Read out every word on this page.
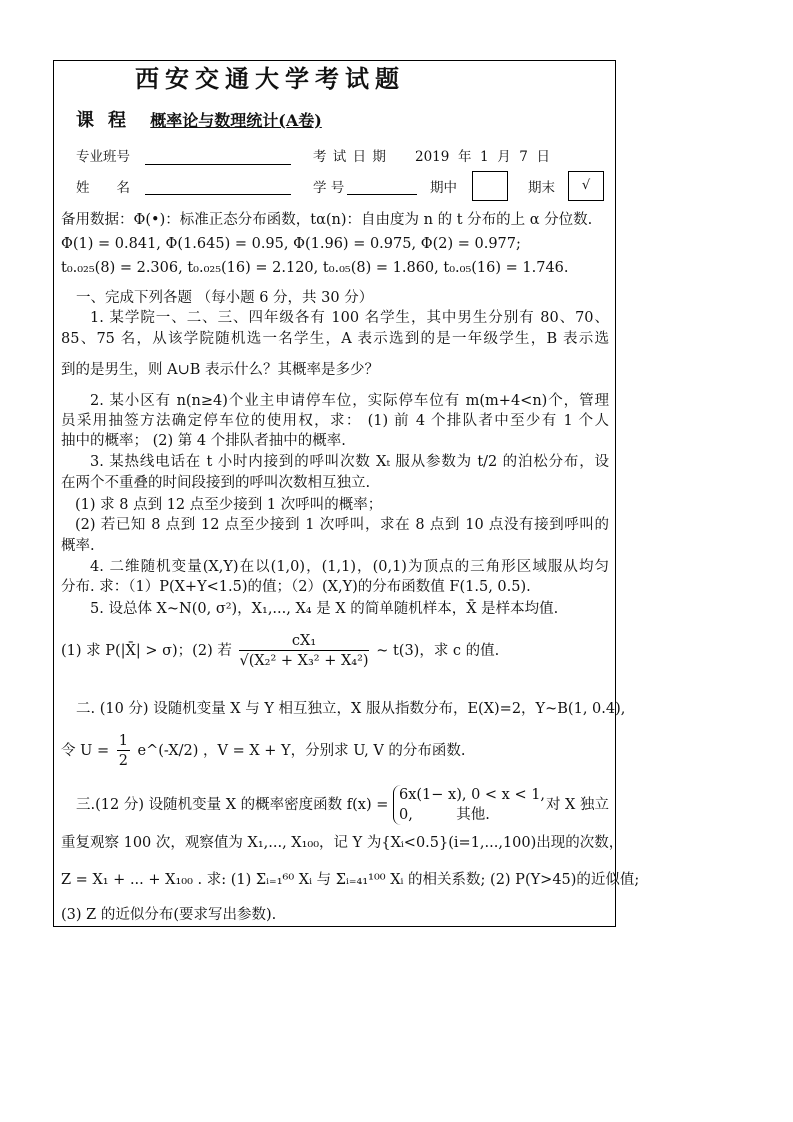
西安交通大学考试题
课程 概率论与数理统计(A卷)
专业班号	考 试 日 期 2019  年  1  月  7  日
姓　　名	学 号	期中	期末	√
备用数据：Φ(•)：标准正态分布函数，tα(n)：自由度为 n 的 t 分布的上 α 分位数.
Φ(1) = 0.841, Φ(1.645) = 0.95, Φ(1.96) = 0.975, Φ(2) = 0.977;
t₀.₀₂₅(8) = 2.306, t₀.₀₂₅(16) = 2.120, t₀.₀₅(8) = 1.860, t₀.₀₅(16) = 1.746.
一、完成下列各题 （每小题 6 分，共 30 分）
1. 某学院一、二、三、四年级各有 100 名学生，其中男生分别有 80、70、
85、75 名，从该学院随机选一名学生，A 表示选到的是一年级学生，B 表示选
到的是男生，则 A∪B 表示什么？其概率是多少？
2. 某小区有 n(n≥4)个业主申请停车位，实际停车位有 m(m+4<n)个，管理
员采用抽签方法确定停车位的使用权，求： (1) 前 4 个排队者中至少有 1 个人
抽中的概率； (2) 第 4 个排队者抽中的概率.
3. 某热线电话在 t 小时内接到的呼叫次数 Xₜ 服从参数为 t/2 的泊松分布，设
在两个不重叠的时间段接到的呼叫次数相互独立.
(1) 求 8 点到 12 点至少接到 1 次呼叫的概率；
(2) 若已知 8 点到 12 点至少接到 1 次呼叫，求在 8 点到 10 点没有接到呼叫的
概率.
4. 二维随机变量(X,Y)在以(1,0)，(1,1)，(0,1)为顶点的三角形区域服从均匀
分布. 求：（1）P(X+Y<1.5)的值；（2）(X,Y)的分布函数值 F(1.5, 0.5).
5. 设总体 X~N(0, σ²)，X₁,..., X₄ 是 X 的简单随机样本，X̄ 是样本均值.
(1) 求 P(|X̄| > σ)；(2) 若 $\frac{\text{cX₁}}{\text{√(X₂² + X₃² + X₄²)}}$ ~ t(3)，求 c 的值.
二. (10 分) 设随机变量 X 与 Y 相互独立，X 服从指数分布，E(X)=2，Y~B(1, 0.4),
令 $U = \frac{1}{2}$ e^(-X/2) ，V = X + Y，分别求 U, V 的分布函数.
三.(12 分) 设随机变量 X 的概率密度函数 f(x) =
6x(1− x), 0 < x < 1,
0,　　　其他.
对 X 独立
重复观察 100 次，观察值为 X₁,..., X₁₀₀，记 Y 为{Xᵢ<0.5}(i=1,...,100)出现的次数，
Z = X₁ + ... + X₁₀₀ . 求: (1) Σᵢ₌₁⁶⁰ Xᵢ 与 Σᵢ₌₄₁¹⁰⁰ Xᵢ 的相关系数; (2) P(Y>45)的近似值;
(3) Z 的近似分布(要求写出参数).
